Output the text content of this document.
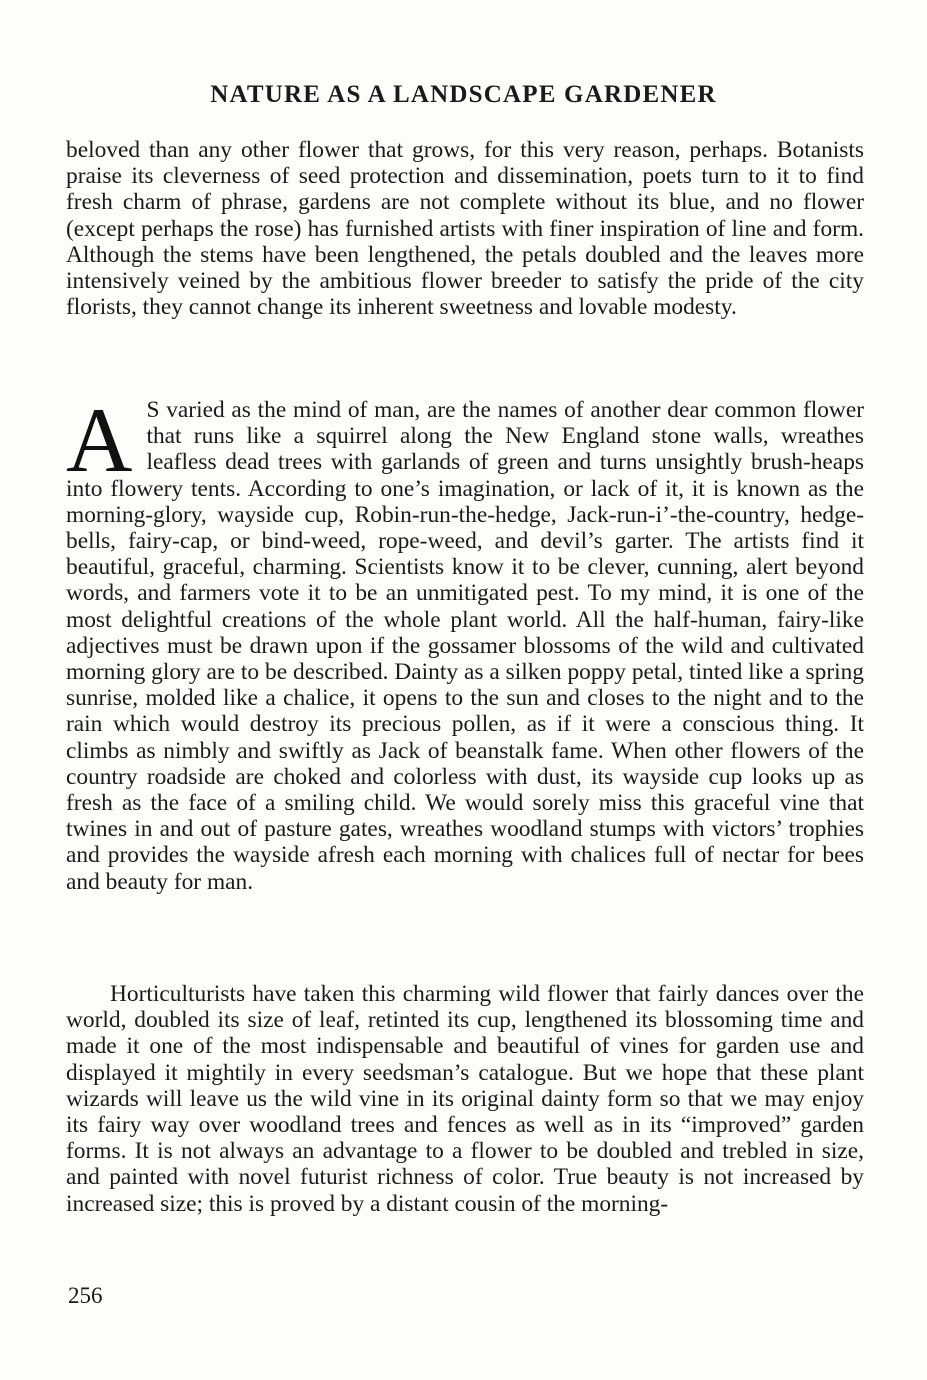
NATURE AS A LANDSCAPE GARDENER

beloved than any other flower that grows, for this very reason, perhaps. Botanists praise its cleverness of seed protection and dissemination, poets turn to it to find fresh charm of phrase, gardens are not complete without its blue, and no flower (except perhaps the rose) has furnished artists with finer inspiration of line and form. Although the stems have been lengthened, the petals doubled and the leaves more intensively veined by the ambitious flower breeder to satisfy the pride of the city florists, they cannot change its inherent sweetness and lovable modesty.

A S varied as the mind of man, are the names of another dear common flower that runs like a squirrel along the New England stone walls, wreathes leafless dead trees with garlands of green and turns unsightly brush-heaps into flowery tents. According to one’s imagination, or lack of it, it is known as the morning-glory, wayside cup, Robin-run-the-hedge, Jack-run-i’-the-country, hedge-bells, fairy-cap, or bind-weed, rope-weed, and devil’s garter. The artists find it beautiful, graceful, charming. Scientists know it to be clever, cunning, alert beyond words, and farmers vote it to be an unmitigated pest. To my mind, it is one of the most delightful creations of the whole plant world. All the half-human, fairy-like adjectives must be drawn upon if the gossamer blossoms of the wild and cultivated morning glory are to be described. Dainty as a silken poppy petal, tinted like a spring sunrise, molded like a chalice, it opens to the sun and closes to the night and to the rain which would destroy its precious pollen, as if it were a conscious thing. It climbs as nimbly and swiftly as Jack of beanstalk fame. When other flowers of the country roadside are choked and colorless with dust, its wayside cup looks up as fresh as the face of a smiling child. We would sorely miss this graceful vine that twines in and out of pasture gates, wreathes woodland stumps with victors’ trophies and provides the wayside afresh each morning with chalices full of nectar for bees and beauty for man.

Horticulturists have taken this charming wild flower that fairly dances over the world, doubled its size of leaf, retinted its cup, lengthened its blossoming time and made it one of the most indispensable and beautiful of vines for garden use and displayed it mightily in every seedsman’s catalogue. But we hope that these plant wizards will leave us the wild vine in its original dainty form so that we may enjoy its fairy way over woodland trees and fences as well as in its “improved” garden forms. It is not always an advantage to a flower to be doubled and trebled in size, and painted with novel futurist richness of color. True beauty is not increased by increased size; this is proved by a distant cousin of the morning-

256
